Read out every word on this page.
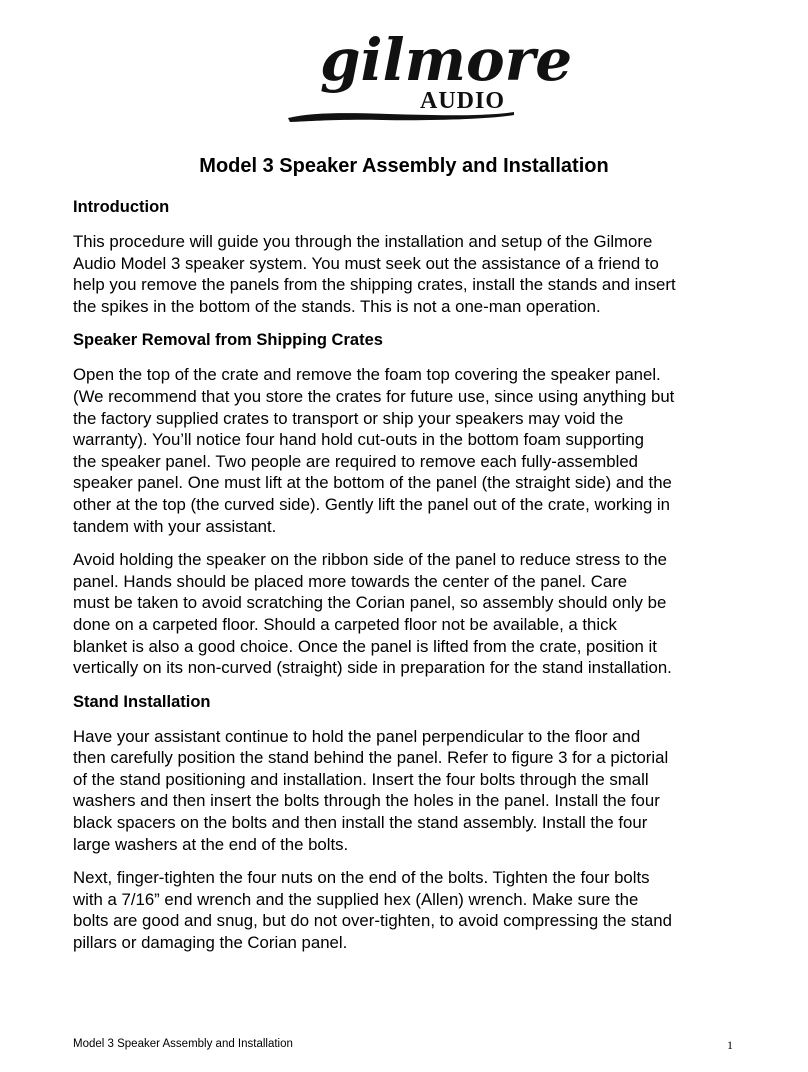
gilmore
AUDIO
Model 3 Speaker Assembly and Installation
Introduction

This procedure will guide you through the installation and setup of the Gilmore
Audio Model 3 speaker system. You must seek out the assistance of a friend to
help you remove the panels from the shipping crates, install the stands and insert
the spikes in the bottom of the stands. This is not a one-man operation.

Speaker Removal from Shipping Crates

Open the top of the crate and remove the foam top covering the speaker panel.
(We recommend that you store the crates for future use, since using anything but
the factory supplied crates to transport or ship your speakers may void the
warranty). You’ll notice four hand hold cut-outs in the bottom foam supporting
the speaker panel. Two people are required to remove each fully-assembled
speaker panel. One must lift at the bottom of the panel (the straight side) and the
other at the top (the curved side). Gently lift the panel out of the crate, working in
tandem with your assistant.

Avoid holding the speaker on the ribbon side of the panel to reduce stress to the
panel. Hands should be placed more towards the center of the panel. Care
must be taken to avoid scratching the Corian panel, so assembly should only be
done on a carpeted floor. Should a carpeted floor not be available, a thick
blanket is also a good choice. Once the panel is lifted from the crate, position it
vertically on its non-curved (straight) side in preparation for the stand installation.

Stand Installation

Have your assistant continue to hold the panel perpendicular to the floor and
then carefully position the stand behind the panel. Refer to figure 3 for a pictorial
of the stand positioning and installation. Insert the four bolts through the small
washers and then insert the bolts through the holes in the panel. Install the four
black spacers on the bolts and then install the stand assembly. Install the four
large washers at the end of the bolts.

Next, finger-tighten the four nuts on the end of the bolts. Tighten the four bolts
with a 7/16” end wrench and the supplied hex (Allen) wrench. Make sure the
bolts are good and snug, but do not over-tighten, to avoid compressing the stand
pillars or damaging the Corian panel.

Model 3 Speaker Assembly and Installation	1
